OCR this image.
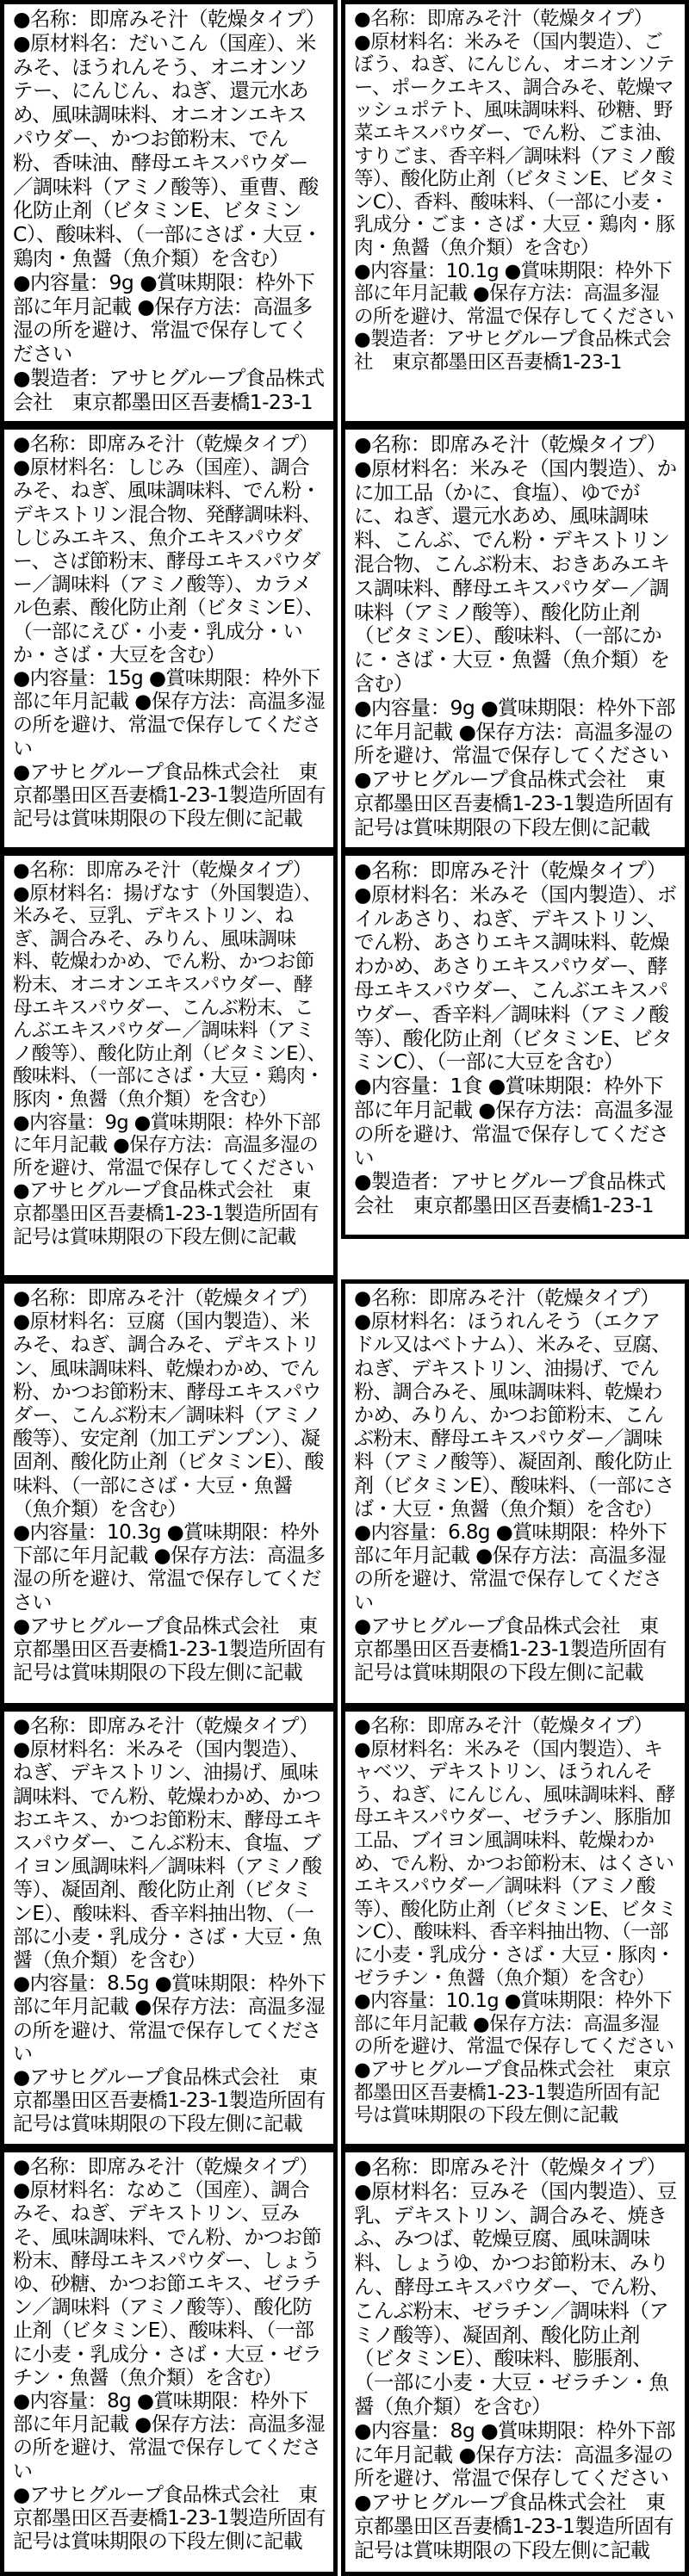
●名称：即席みそ汁（乾燥タイプ）

●原材料名：だいこん（国産）、米みそ、ほうれんそう、オニオンソテー、にんじん、ねぎ、還元水あめ、風味調味料、オニオンエキスパウダー、かつお節粉末、でん粉、香味油、酵母エキスパウダー／調味料（アミノ酸等）、重曹、酸化防止剤（ビタミンE、ビタミンC）、酸味料、（一部にさば・大豆・鶏肉・魚醤（魚介類）を含む）

●内容量：9g ●賞味期限：枠外下部に年月記載 ●保存方法：高温多湿の所を避け、常温で保存してください

●製造者：アサヒグループ食品株式会社　東京都墨田区吾妻橋1-23-1

●名称：即席みそ汁（乾燥タイプ）

●原材料名：米みそ（国内製造）、ごぼう、ねぎ、にんじん、オニオンソテー、ポークエキス、調合みそ、乾燥マッシュポテト、風味調味料、砂糖、野菜エキスパウダー、でん粉、ごま油、すりごま、香辛料／調味料（アミノ酸等）、酸化防止剤（ビタミンE、ビタミンC）、香料、酸味料、（一部に小麦・乳成分・ごま・さば・大豆・鶏肉・豚肉・魚醤（魚介類）を含む）

●内容量：10.1g ●賞味期限：枠外下部に年月記載 ●保存方法：高温多湿の所を避け、常温で保存してください

●製造者：アサヒグループ食品株式会社　東京都墨田区吾妻橋1-23-1

●名称：即席みそ汁（乾燥タイプ）

●原材料名：しじみ（国産）、調合みそ、ねぎ、風味調味料、でん粉・デキストリン混合物、発酵調味料、しじみエキス、魚介エキスパウダー、さば節粉末、酵母エキスパウダー／調味料（アミノ酸等）、カラメル色素、酸化防止剤（ビタミンE）、（一部にえび・小麦・乳成分・いか・さば・大豆を含む）

●内容量：15g ●賞味期限：枠外下部に年月記載 ●保存方法：高温多湿の所を避け、常温で保存してください

●アサヒグループ食品株式会社　東京都墨田区吾妻橋1-23-1製造所固有記号は賞味期限の下段左側に記載

●名称：即席みそ汁（乾燥タイプ）

●原材料名：米みそ（国内製造）、かに加工品（かに、食塩）、ゆでがに、ねぎ、還元水あめ、風味調味料、こんぶ、でん粉・デキストリン混合物、こんぶ粉末、おきあみエキス調味料、酵母エキスパウダー／調味料（アミノ酸等）、酸化防止剤（ビタミンE）、酸味料、（一部にかに・さば・大豆・魚醤（魚介類）を含む）

●内容量：9g ●賞味期限：枠外下部に年月記載 ●保存方法：高温多湿の所を避け、常温で保存してください

●アサヒグループ食品株式会社　東京都墨田区吾妻橋1-23-1製造所固有記号は賞味期限の下段左側に記載

●名称：即席みそ汁（乾燥タイプ）

●原材料名：揚げなす（外国製造）、米みそ、豆乳、デキストリン、ねぎ、調合みそ、みりん、風味調味料、乾燥わかめ、でん粉、かつお節粉末、オニオンエキスパウダー、酵母エキスパウダー、こんぶ粉末、こんぶエキスパウダー／調味料（アミノ酸等）、酸化防止剤（ビタミンE）、酸味料、（一部にさば・大豆・鶏肉・豚肉・魚醤（魚介類）を含む）

●内容量：9g ●賞味期限：枠外下部に年月記載 ●保存方法：高温多湿の所を避け、常温で保存してください

●アサヒグループ食品株式会社　東京都墨田区吾妻橋1-23-1製造所固有記号は賞味期限の下段左側に記載

●名称：即席みそ汁（乾燥タイプ）

●原材料名：米みそ（国内製造）、ボイルあさり、ねぎ、デキストリン、でん粉、あさりエキス調味料、乾燥わかめ、あさりエキスパウダー、酵母エキスパウダー、こんぶエキスパウダー、香辛料／調味料（アミノ酸等）、酸化防止剤（ビタミンE、ビタミンC）、（一部に大豆を含む）

●内容量：1食 ●賞味期限：枠外下部に年月記載 ●保存方法：高温多湿の所を避け、常温で保存してください

●製造者：アサヒグループ食品株式会社　東京都墨田区吾妻橋1-23-1

●名称：即席みそ汁（乾燥タイプ）

●原材料名：豆腐（国内製造）、米みそ、ねぎ、調合みそ、デキストリン、風味調味料、乾燥わかめ、でん粉、かつお節粉末、酵母エキスパウダー、こんぶ粉末／調味料（アミノ酸等）、安定剤（加工デンプン）、凝固剤、酸化防止剤（ビタミンE）、酸味料、（一部にさば・大豆・魚醤（魚介類）を含む）

●内容量：10.3g ●賞味期限：枠外下部に年月記載 ●保存方法：高温多湿の所を避け、常温で保存してください

●アサヒグループ食品株式会社　東京都墨田区吾妻橋1-23-1製造所固有記号は賞味期限の下段左側に記載

●名称：即席みそ汁（乾燥タイプ）

●原材料名：ほうれんそう（エクアドル又はベトナム）、米みそ、豆腐、ねぎ、デキストリン、油揚げ、でん粉、調合みそ、風味調味料、乾燥わかめ、みりん、かつお節粉末、こんぶ粉末、酵母エキスパウダー／調味料（アミノ酸等）、凝固剤、酸化防止剤（ビタミンE）、酸味料、（一部にさば・大豆・魚醤（魚介類）を含む）

●内容量：6.8g ●賞味期限：枠外下部に年月記載 ●保存方法：高温多湿の所を避け、常温で保存してください

●アサヒグループ食品株式会社　東京都墨田区吾妻橋1-23-1製造所固有記号は賞味期限の下段左側に記載

●名称：即席みそ汁（乾燥タイプ）

●原材料名：米みそ（国内製造）、ねぎ、デキストリン、油揚げ、風味調味料、でん粉、乾燥わかめ、かつおエキス、かつお節粉末、酵母エキスパウダー、こんぶ粉末、食塩、ブイヨン風調味料／調味料（アミノ酸等）、凝固剤、酸化防止剤（ビタミンE）、酸味料、香辛料抽出物、（一部に小麦・乳成分・さば・大豆・魚醤（魚介類）を含む）

●内容量：8.5g ●賞味期限：枠外下部に年月記載 ●保存方法：高温多湿の所を避け、常温で保存してください

●アサヒグループ食品株式会社　東京都墨田区吾妻橋1-23-1製造所固有記号は賞味期限の下段左側に記載

●名称：即席みそ汁（乾燥タイプ）

●原材料名：米みそ（国内製造）、キャベツ、デキストリン、ほうれんそう、ねぎ、にんじん、風味調味料、酵母エキスパウダー、ゼラチン、豚脂加工品、ブイヨン風調味料、乾燥わかめ、でん粉、かつお節粉末、はくさいエキスパウダー／調味料（アミノ酸等）、酸化防止剤（ビタミンE、ビタミンC）、酸味料、香辛料抽出物、（一部に小麦・乳成分・さば・大豆・豚肉・ゼラチン・魚醤（魚介類）を含む）

●内容量：10.1g ●賞味期限：枠外下部に年月記載 ●保存方法：高温多湿の所を避け、常温で保存してください

●アサヒグループ食品株式会社　東京都墨田区吾妻橋1-23-1製造所固有記号は賞味期限の下段左側に記載

●名称：即席みそ汁（乾燥タイプ）

●原材料名：なめこ（国産）、調合みそ、ねぎ、デキストリン、豆みそ、風味調味料、でん粉、かつお節粉末、酵母エキスパウダー、しょうゆ、砂糖、かつお節エキス、ゼラチン／調味料（アミノ酸等）、酸化防止剤（ビタミンE）、酸味料、（一部に小麦・乳成分・さば・大豆・ゼラチン・魚醤（魚介類）を含む）

●内容量：8g ●賞味期限：枠外下部に年月記載 ●保存方法：高温多湿の所を避け、常温で保存してください

●アサヒグループ食品株式会社　東京都墨田区吾妻橋1-23-1製造所固有記号は賞味期限の下段左側に記載

●名称：即席みそ汁（乾燥タイプ）

●原材料名：豆みそ（国内製造）、豆乳、デキストリン、調合みそ、焼きふ、みつば、乾燥豆腐、風味調味料、しょうゆ、かつお節粉末、みりん、酵母エキスパウダー、でん粉、こんぶ粉末、ゼラチン／調味料（アミノ酸等）、凝固剤、酸化防止剤（ビタミンE）、酸味料、膨脹剤、（一部に小麦・大豆・ゼラチン・魚醤（魚介類）を含む）

●内容量：8g ●賞味期限：枠外下部に年月記載 ●保存方法：高温多湿の所を避け、常温で保存してください

●アサヒグループ食品株式会社　東京都墨田区吾妻橋1-23-1製造所固有記号は賞味期限の下段左側に記載
